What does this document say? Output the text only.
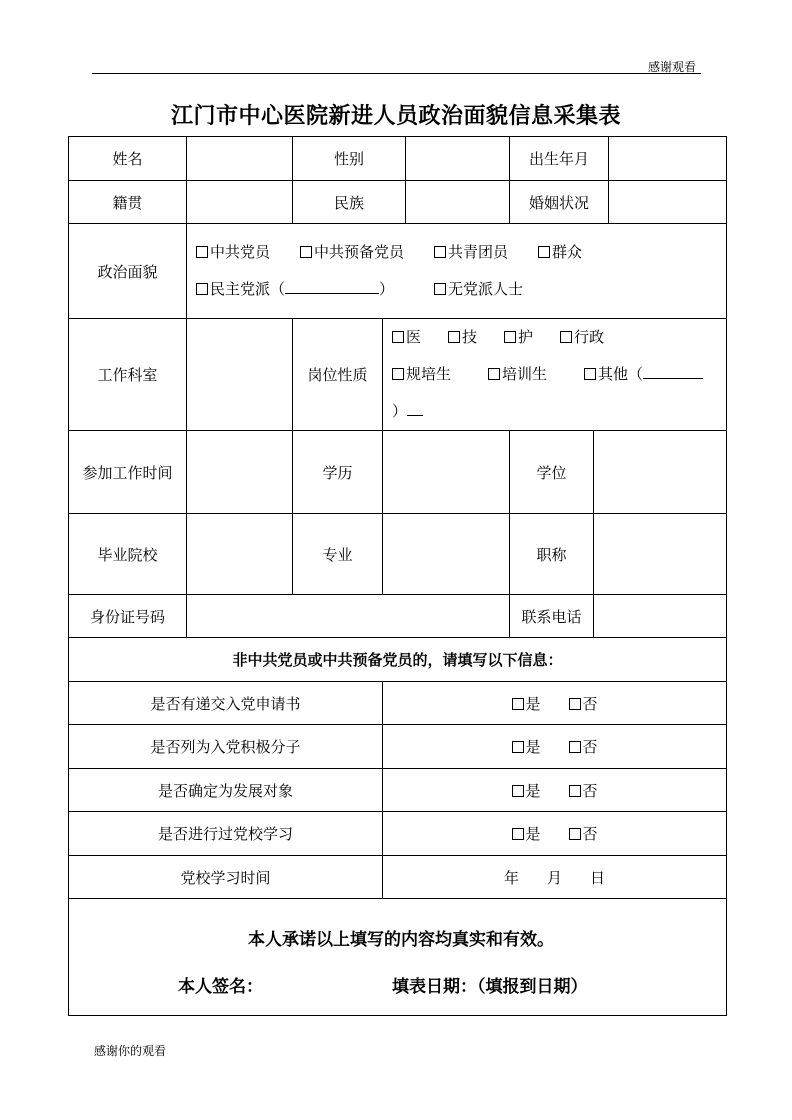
感谢观看
江门市中心医院新进人员政治面貌信息采集表
姓名		性别			出生年月		
籍贯		民族			婚姻状况		
政治面貌	中共党员 中共预备党员 共青团员 群众
民主党派（ ） 无党派人士						

工作科室		岗位性质	医 技 护 行政
规培生 培训生 其他（
）				

参加工作时间		学历			学位		
毕业院校		专业			职称		
身份证号码					联系电话		
非中共党员或中共预备党员的，请填写以下信息：							
是否有递交入党申请书			是 否				
是否列为入党积极分子			是 否				
是否确定为发展对象			是 否				
是否进行过党校学习			是 否				
党校学习时间			年 月 日				

本人承诺以上填写的内容均真实和有效。
本人签名： 填表日期：（填报到日期）							
感谢你的观看
